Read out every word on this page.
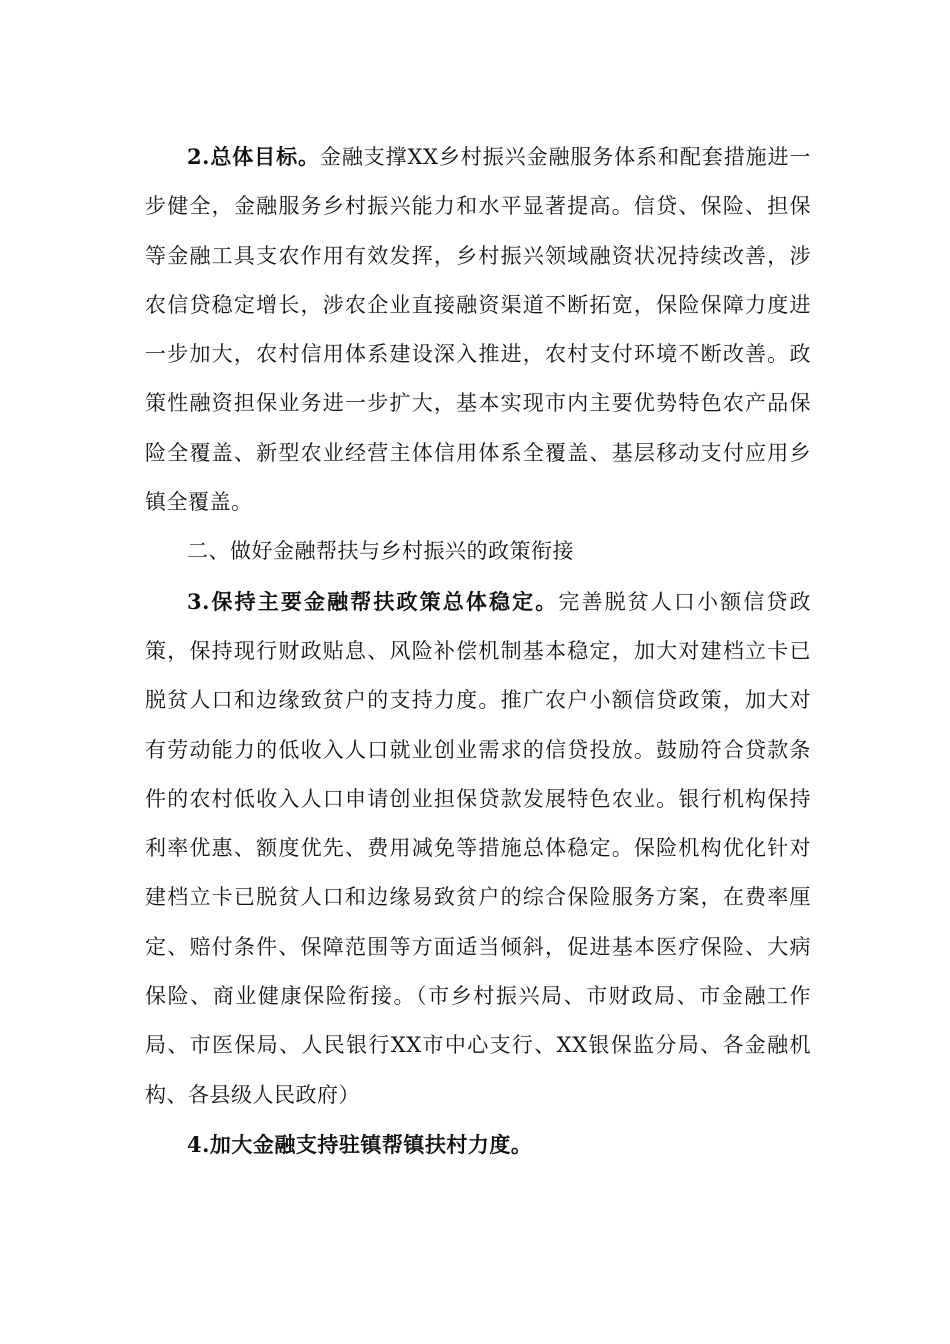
2.总体目标。金融支撑XX乡村振兴金融服务体系和配套措施进一步健全，金融服务乡村振兴能力和水平显著提高。信贷、保险、担保等金融工具支农作用有效发挥，乡村振兴领域融资状况持续改善，涉农信贷稳定增长，涉农企业直接融资渠道不断拓宽，保险保障力度进一步加大，农村信用体系建设深入推进，农村支付环境不断改善。政策性融资担保业务进一步扩大，基本实现市内主要优势特色农产品保险全覆盖、新型农业经营主体信用体系全覆盖、基层移动支付应用乡镇全覆盖。

二、做好金融帮扶与乡村振兴的政策衔接

3.保持主要金融帮扶政策总体稳定。完善脱贫人口小额信贷政策，保持现行财政贴息、风险补偿机制基本稳定，加大对建档立卡已脱贫人口和边缘致贫户的支持力度。推广农户小额信贷政策，加大对有劳动能力的低收入人口就业创业需求的信贷投放。鼓励符合贷款条件的农村低收入人口申请创业担保贷款发展特色农业。银行机构保持利率优惠、额度优先、费用减免等措施总体稳定。保险机构优化针对建档立卡已脱贫人口和边缘易致贫户的综合保险服务方案，在费率厘定、赔付条件、保障范围等方面适当倾斜，促进基本医疗保险、大病保险、商业健康保险衔接。（市乡村振兴局、市财政局、市金融工作局、市医保局、人民银行XX市中心支行、XX银保监分局、各金融机构、各县级人民政府）

4.加大金融支持驻镇帮镇扶村力度。
